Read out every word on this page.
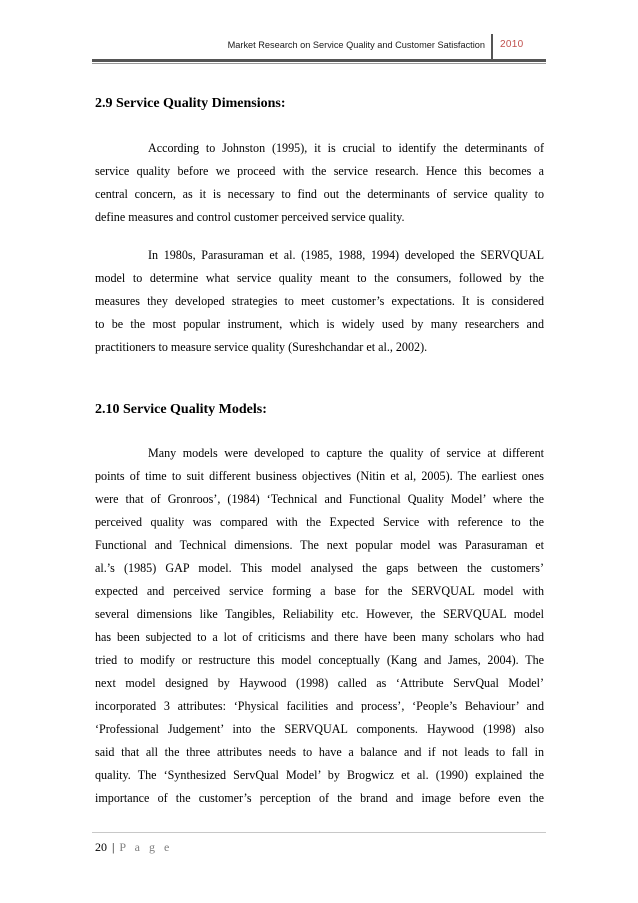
Market Research on Service Quality and Customer Satisfaction 2010
2.9 Service Quality Dimensions:
According to Johnston (1995), it is crucial to identify the determinants of
service quality before we proceed with the service research. Hence this becomes a
central concern, as it is necessary to find out the determinants of service quality to
define measures and control customer perceived service quality.
In 1980s, Parasuraman et al. (1985, 1988, 1994) developed the SERVQUAL
model to determine what service quality meant to the consumers, followed by the
measures they developed strategies to meet customer’s expectations. It is considered
to be the most popular instrument, which is widely used by many researchers and
practitioners to measure service quality (Sureshchandar et al., 2002).
2.10 Service Quality Models:
Many models were developed to capture the quality of service at different
points of time to suit different business objectives (Nitin et al, 2005). The earliest ones
were that of Gronroos’, (1984) ‘Technical and Functional Quality Model’ where the
perceived quality was compared with the Expected Service with reference to the
Functional and Technical dimensions. The next popular model was Parasuraman et
al.’s (1985) GAP model. This model analysed the gaps between the customers’
expected and perceived service forming a base for the SERVQUAL model with
several dimensions like Tangibles, Reliability etc. However, the SERVQUAL model
has been subjected to a lot of criticisms and there have been many scholars who had
tried to modify or restructure this model conceptually (Kang and James, 2004). The
next model designed by Haywood (1998) called as ‘Attribute ServQual Model’
incorporated 3 attributes: ‘Physical facilities and process’, ‘People’s Behaviour’ and
‘Professional Judgement’ into the SERVQUAL components. Haywood (1998) also
said that all the three attributes needs to have a balance and if not leads to fall in
quality. The ‘Synthesized ServQual Model’ by Brogwicz et al. (1990) explained the
importance of the customer’s perception of the brand and image before even the
20 | P a g e
